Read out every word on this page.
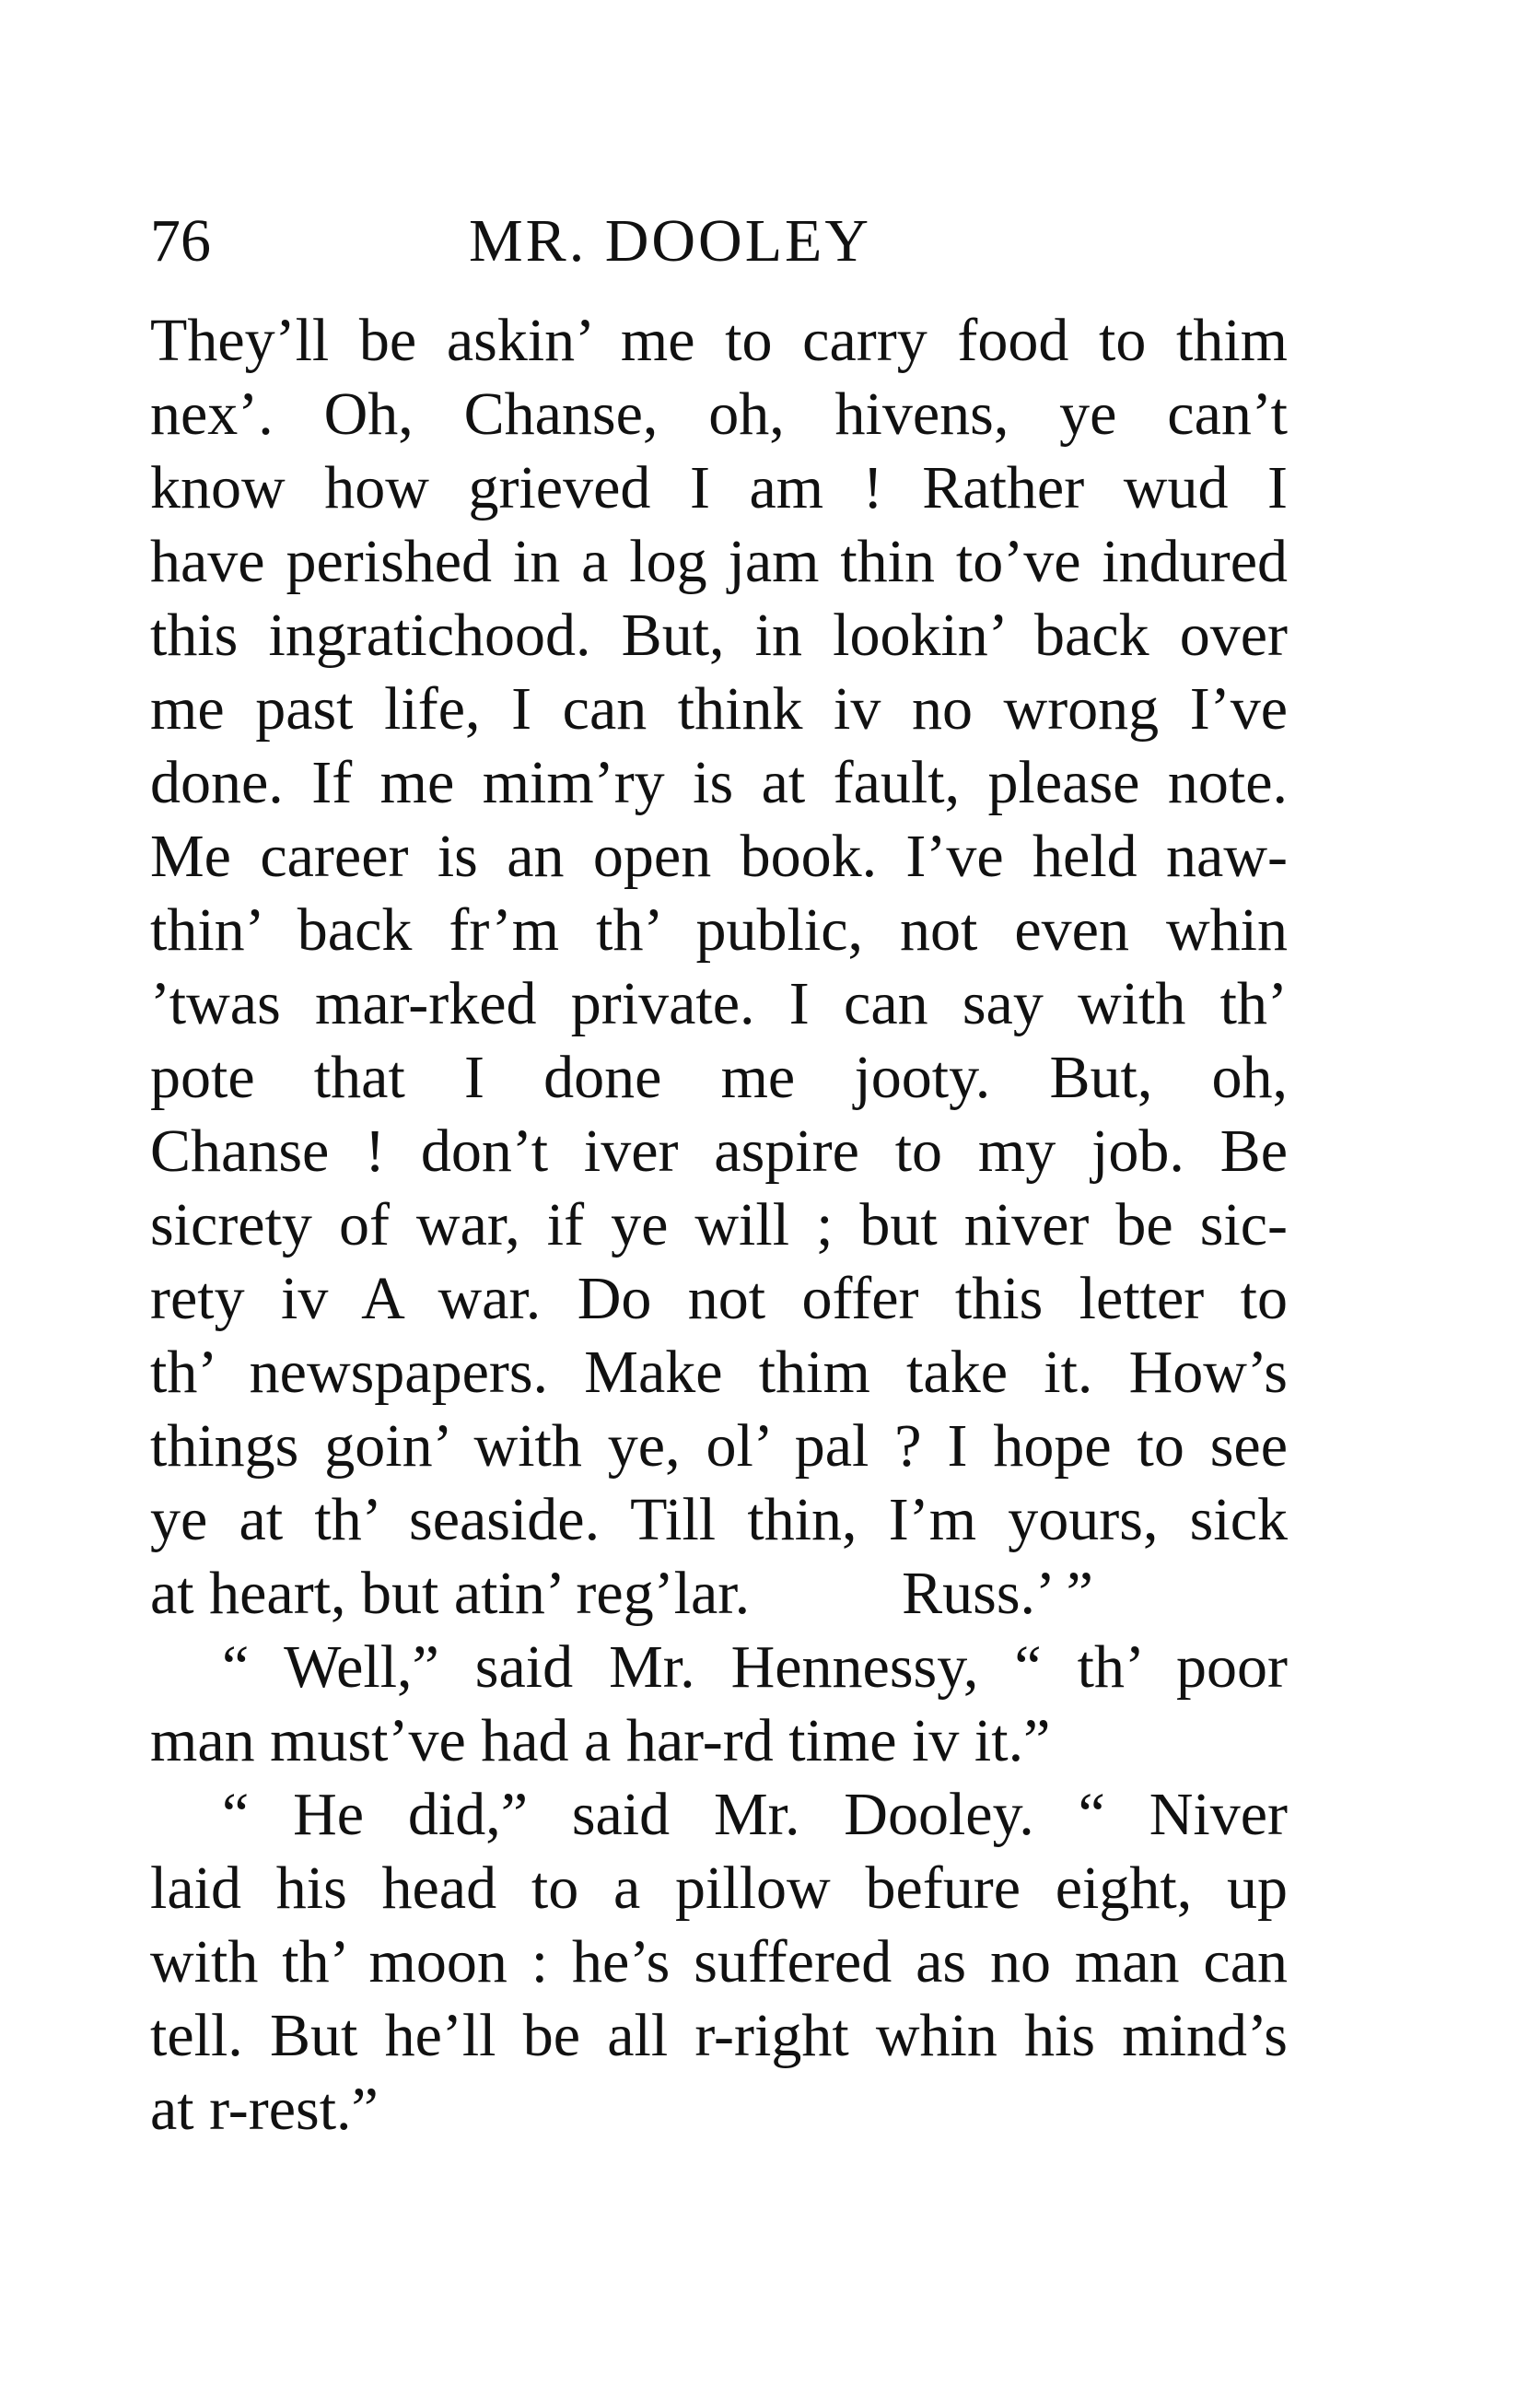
76	MR. DOOLEY
They’ll be askin’ me to carry food to thim
nex’. Oh, Chanse, oh, hivens, ye can’t
know how grieved I am ! Rather wud I
have perished in a log jam thin to’ve indured
this ingratichood. But, in lookin’ back over
me past life, I can think iv no wrong I’ve
done. If me mim’ry is at fault, please note.
Me career is an open book. I’ve held naw-
thin’ back fr’m th’ public, not even whin
’twas mar-rked private. I can say with th’
pote that I done me jooty. But, oh,
Chanse ! don’t iver aspire to my job. Be
sicrety of war, if ye will ; but niver be sic-
rety iv A war. Do not offer this letter to
th’ newspapers. Make thim take it. How’s
things goin’ with ye, ol’ pal ? I hope to see
ye at th’ seaside. Till thin, I’m yours, sick
at heart, but atin’ reg’lar.          Russ.’ ”
“ Well,” said Mr. Hennessy, “ th’ poor
man must’ve had a har-rd time iv it.”
“ He did,” said Mr. Dooley. “ Niver
laid his head to a pillow befure eight, up
with th’ moon : he’s suffered as no man can
tell. But he’ll be all r-right whin his mind’s
at r-rest.”
